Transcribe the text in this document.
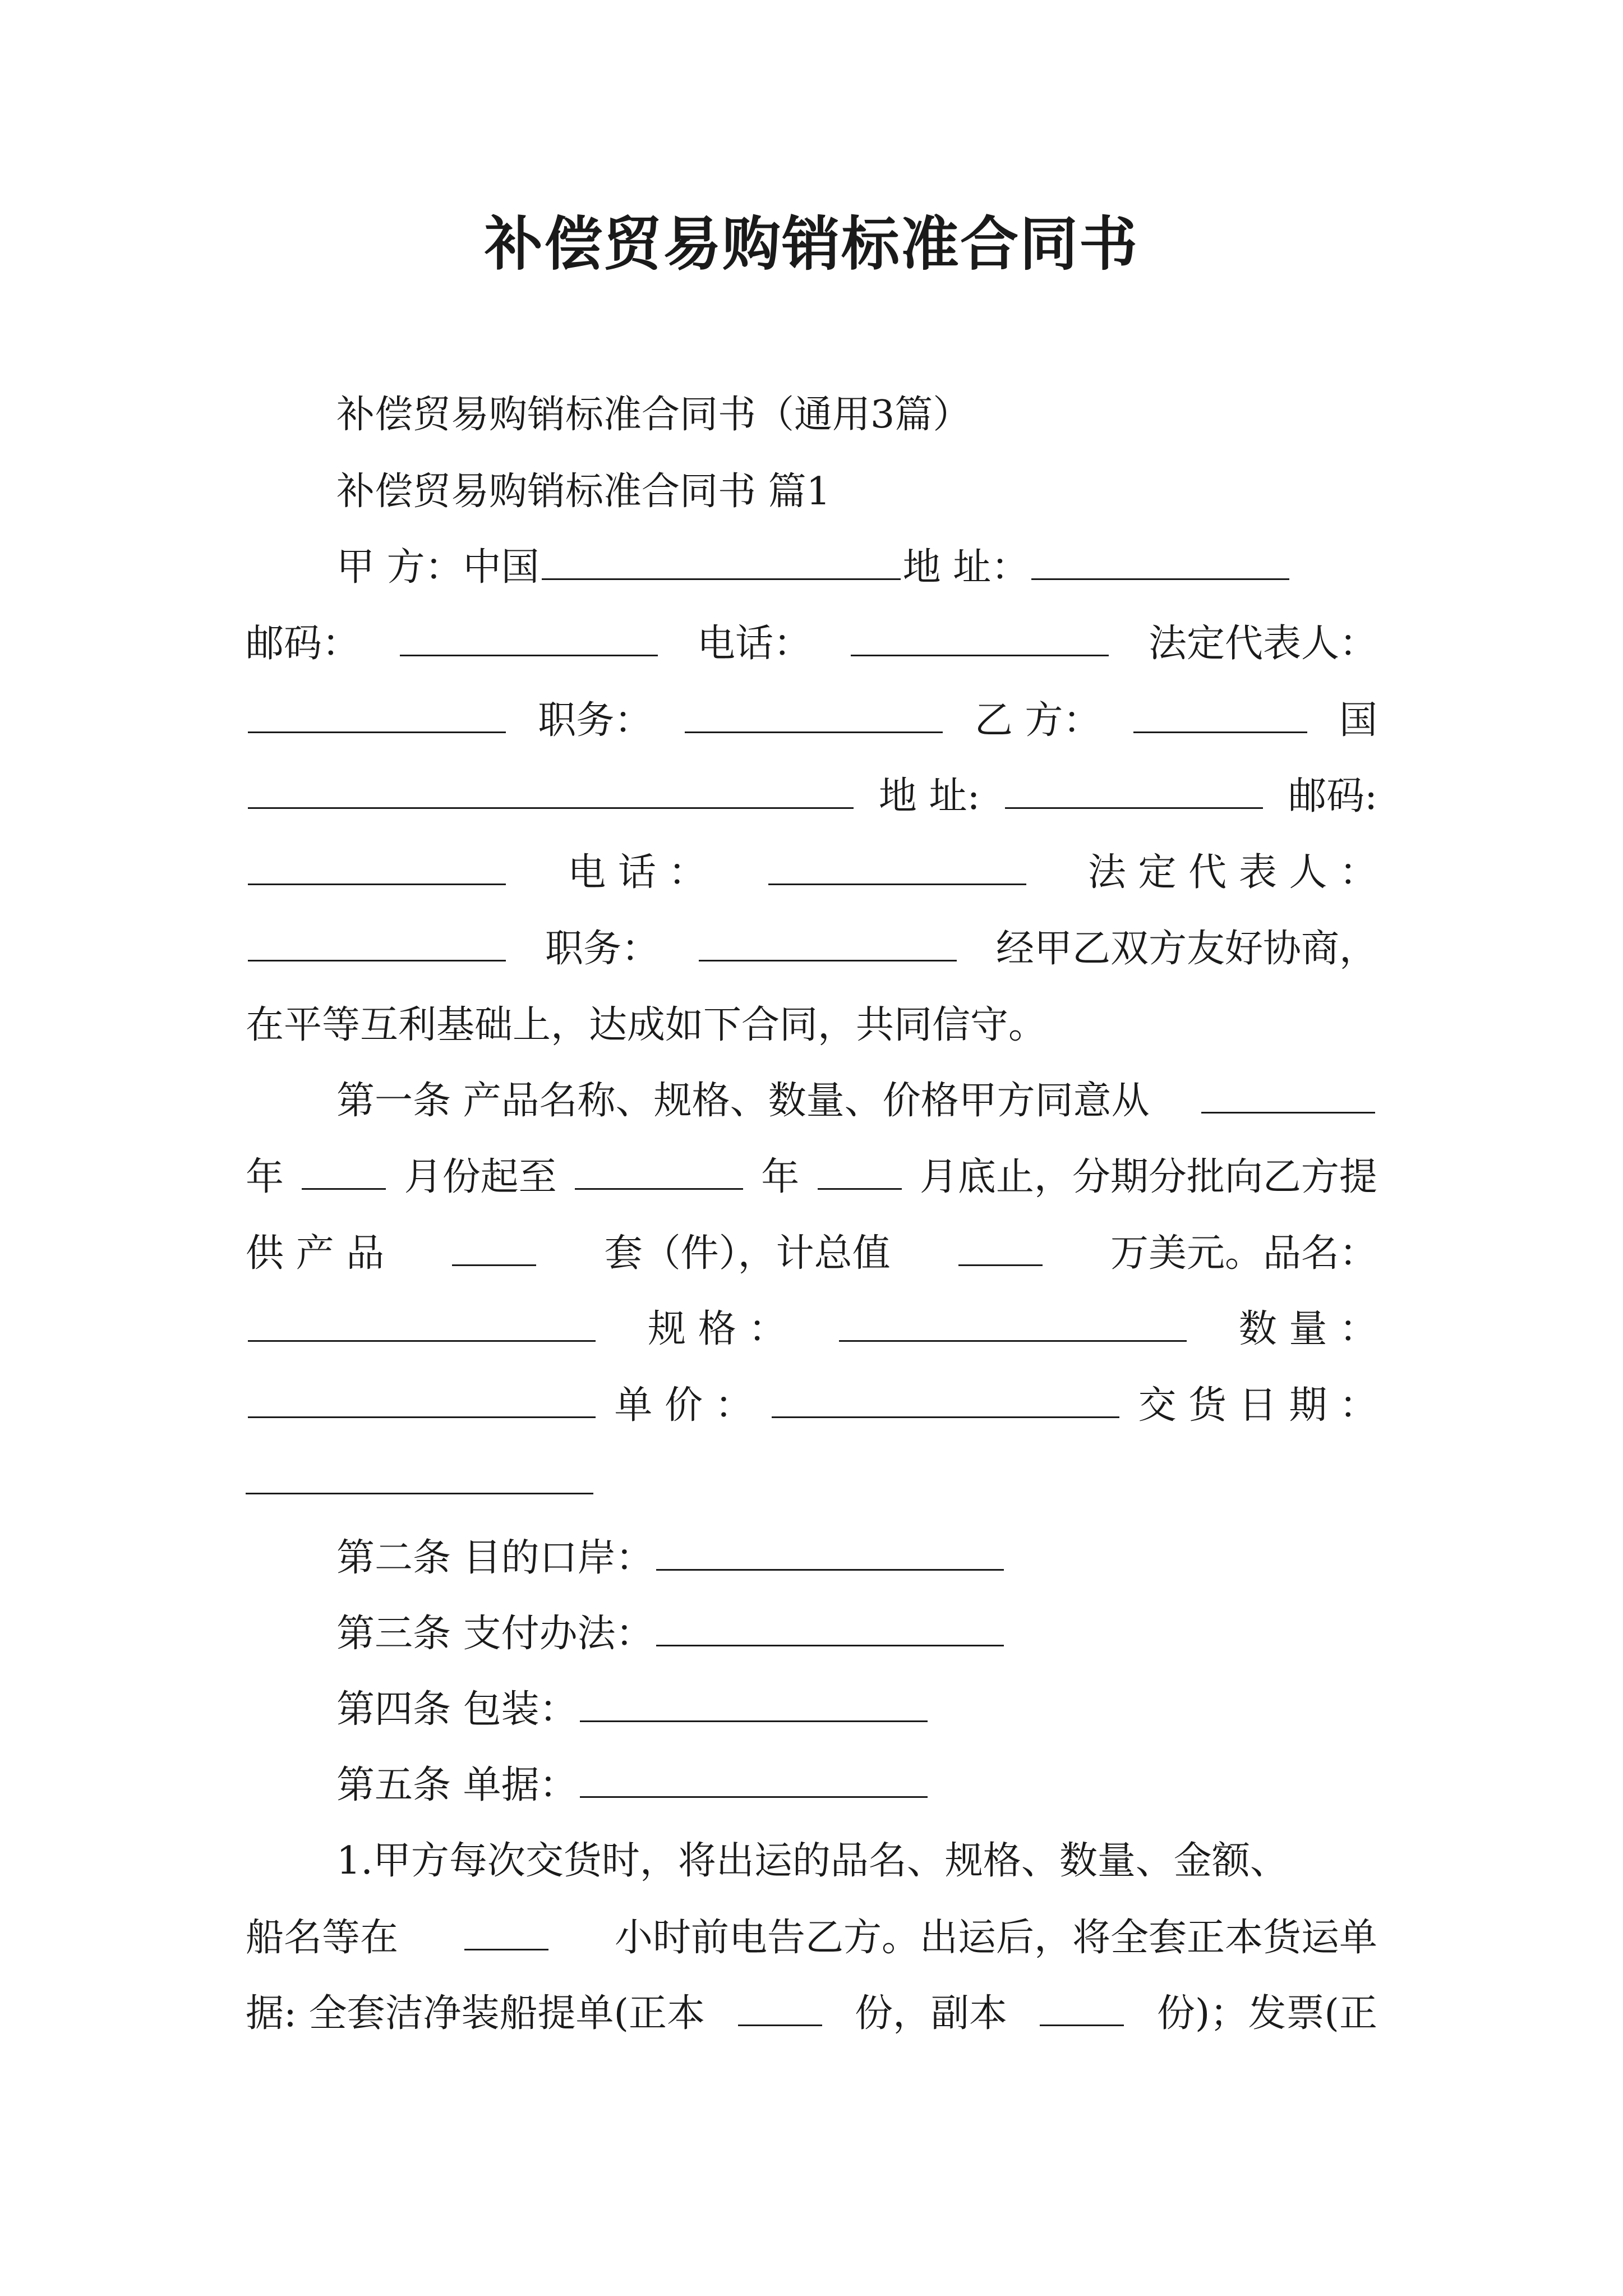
补偿贸易购销标准合同书
补偿贸易购销标准合同书（通用3篇）
补偿贸易购销标准合同书 篇1
甲 方：中国	地 址：
邮码：	电话：	法定代表人：
职务：	乙 方：	国
地 址:	邮码:
电 话 ：	法 定 代 表 人 ：
职务：	经甲乙双方友好协商，
在平等互利基础上，达成如下合同，共同信守。
第一条 产品名称、规格、数量、价格甲方同意从
年	月份起至	年	月底止，分期分批向乙方提
供 产 品	套（件），计总值	万美元。品名：
规 格 ：	数 量 ：
单 价 ：	交 货 日 期 ：
第二条 目的口岸：
第三条 支付办法：
第四条 包装：
第五条 单据：
1.甲方每次交货时，将出运的品名、规格、数量、金额、
船名等在	小时前电告乙方。出运后，将全套正本货运单
据: 全套洁净装船提单(正本	份，副本	份)；发票(正
